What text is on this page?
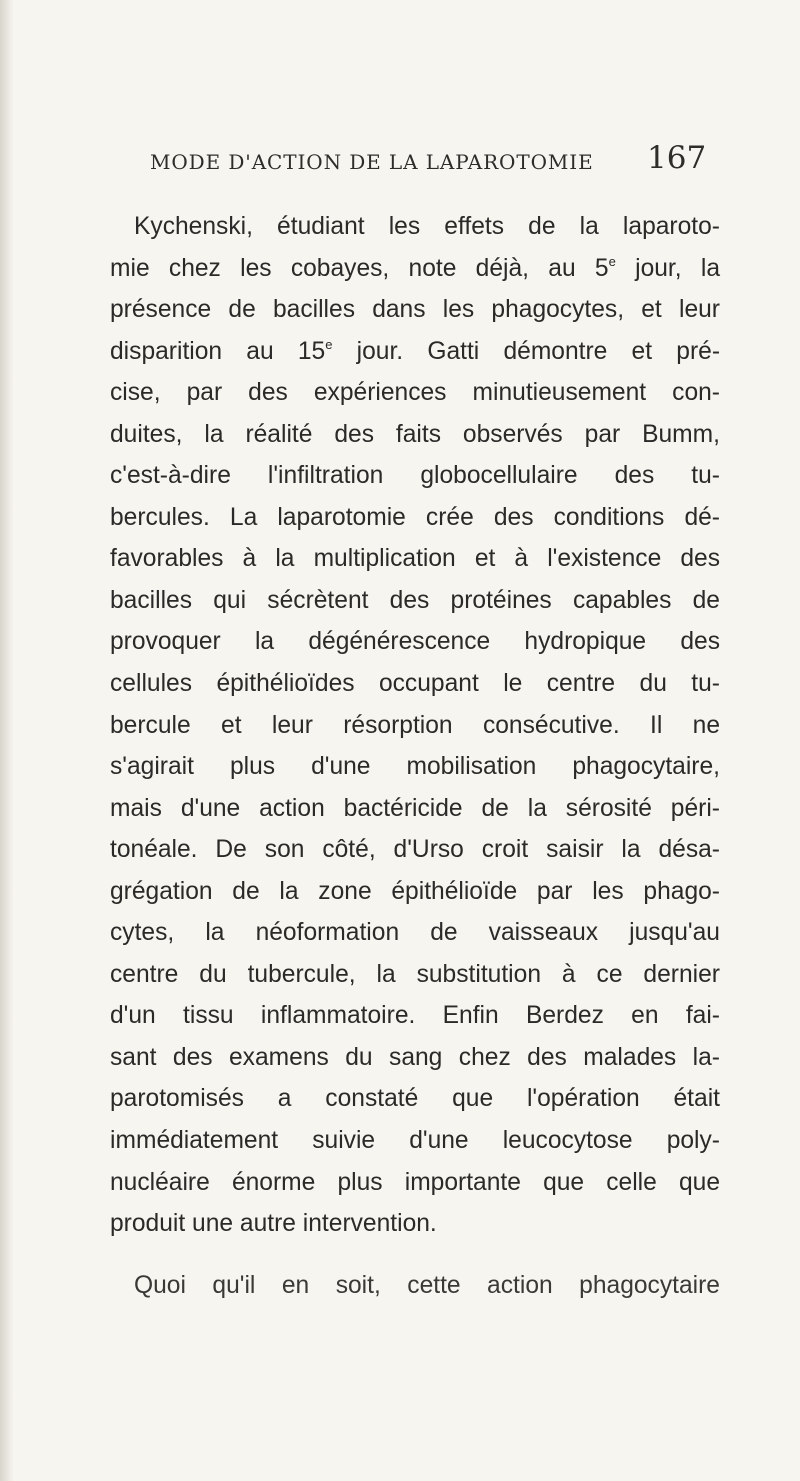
MODE D'ACTION DE LA LAPAROTOMIE 167
Kychenski, étudiant les effets de la laparoto-
mie chez les cobayes, note déjà, au 5e jour, la
présence de bacilles dans les phagocytes, et leur
disparition au 15e jour. Gatti démontre et pré-
cise, par des expériences minutieusement con-
duites, la réalité des faits observés par Bumm,
c'est-à-dire l'infiltration globocellulaire des tu-
bercules. La laparotomie crée des conditions dé-
favorables à la multiplication et à l'existence des
bacilles qui sécrètent des protéines capables de
provoquer la dégénérescence hydropique des
cellules épithélioïdes occupant le centre du tu-
bercule et leur résorption consécutive. Il ne
s'agirait plus d'une mobilisation phagocytaire,
mais d'une action bactéricide de la sérosité péri-
tonéale. De son côté, d'Urso croit saisir la désa-
grégation de la zone épithélioïde par les phago-
cytes, la néoformation de vaisseaux jusqu'au
centre du tubercule, la substitution à ce dernier
d'un tissu inflammatoire. Enfin Berdez en fai-
sant des examens du sang chez des malades la-
parotomisés a constaté que l'opération était
immédiatement suivie d'une leucocytose poly-
nucléaire énorme plus importante que celle que
produit une autre intervention.
Quoi qu'il en soit, cette action phagocytaire
